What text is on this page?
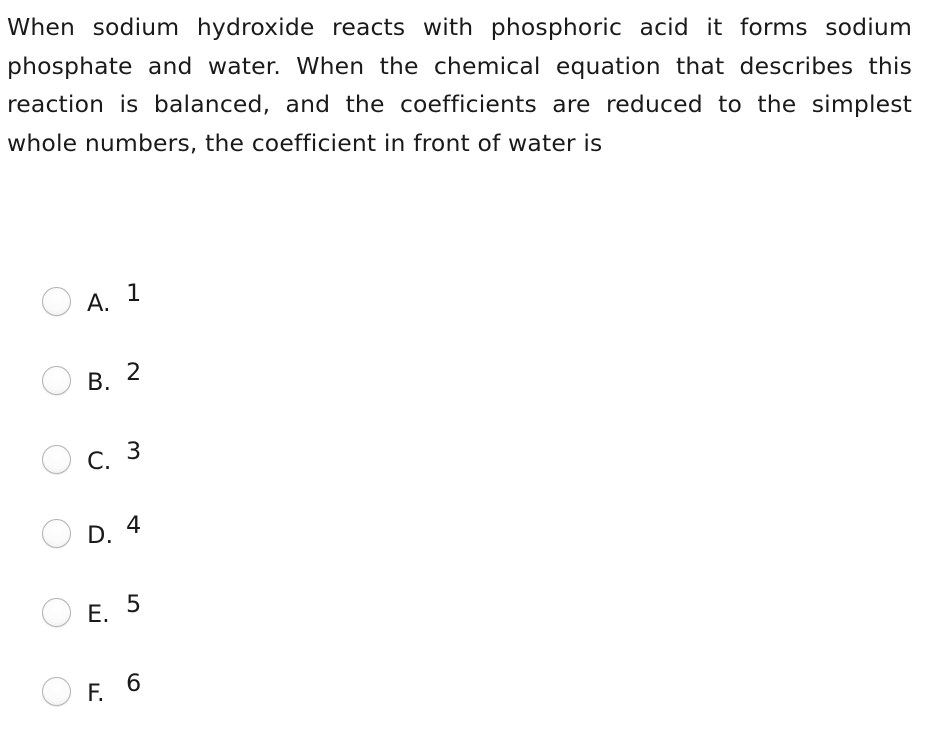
When sodium hydroxide reacts with phosphoric acid it forms sodium phosphate and water. When the chemical equation that describes this reaction is balanced, and the coefficients are reduced to the simplest whole numbers, the coefficient in front of water is

A. 1
B. 2
C. 3
D. 4
E. 5
F. 6
